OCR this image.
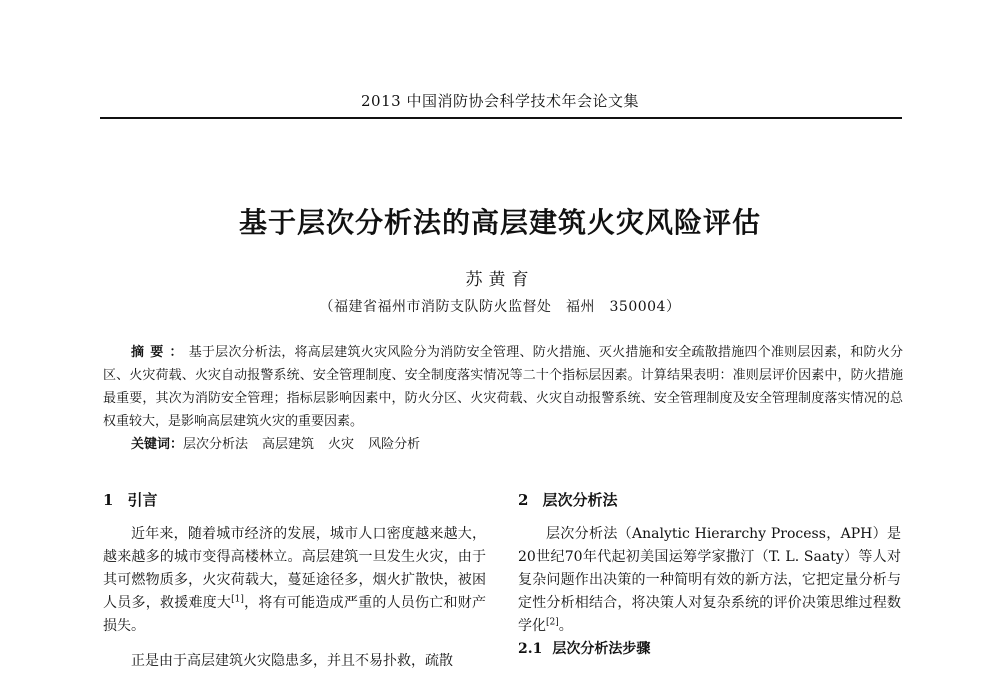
2013 中国消防协会科学技术年会论文集
基于层次分析法的高层建筑火灾风险评估
苏黄育
（福建省福州市消防支队防火监督处　福州　350004）

摘要：基于层次分析法，将高层建筑火灾风险分为消防安全管理、防火措施、灭火措施和安全疏散措施四个准则层因素，和防火分区、火灾荷载、火灾自动报警系统、安全管理制度、安全制度落实情况等二十个指标层因素。计算结果表明：准则层评价因素中，防火措施最重要，其次为消防安全管理；指标层影响因素中，防火分区、火灾荷载、火灾自动报警系统、安全管理制度及安全管理制度落实情况的总权重较大，是影响高层建筑火灾的重要因素。

关键词：层次分析法 高层建筑 火灾 风险分析

1 引言

近年来，随着城市经济的发展，城市人口密度越来越大，越来越多的城市变得高楼林立。高层建筑一旦发生火灾，由于其可燃物质多，火灾荷载大，蔓延途径多，烟火扩散快，被困人员多，救援难度大[1]，将有可能造成严重的人员伤亡和财产损失。

正是由于高层建筑火灾隐患多，并且不易扑救，疏散

2 层次分析法

层次分析法（Analytic Hierarchy Process，APH）是20世纪70年代起初美国运筹学家撒汀（T. L. Saaty）等人对复杂问题作出决策的一种简明有效的新方法，它把定量分析与定性分析相结合，将决策人对复杂系统的评价决策思维过程数学化[2]。

2.1 层次分析法步骤
